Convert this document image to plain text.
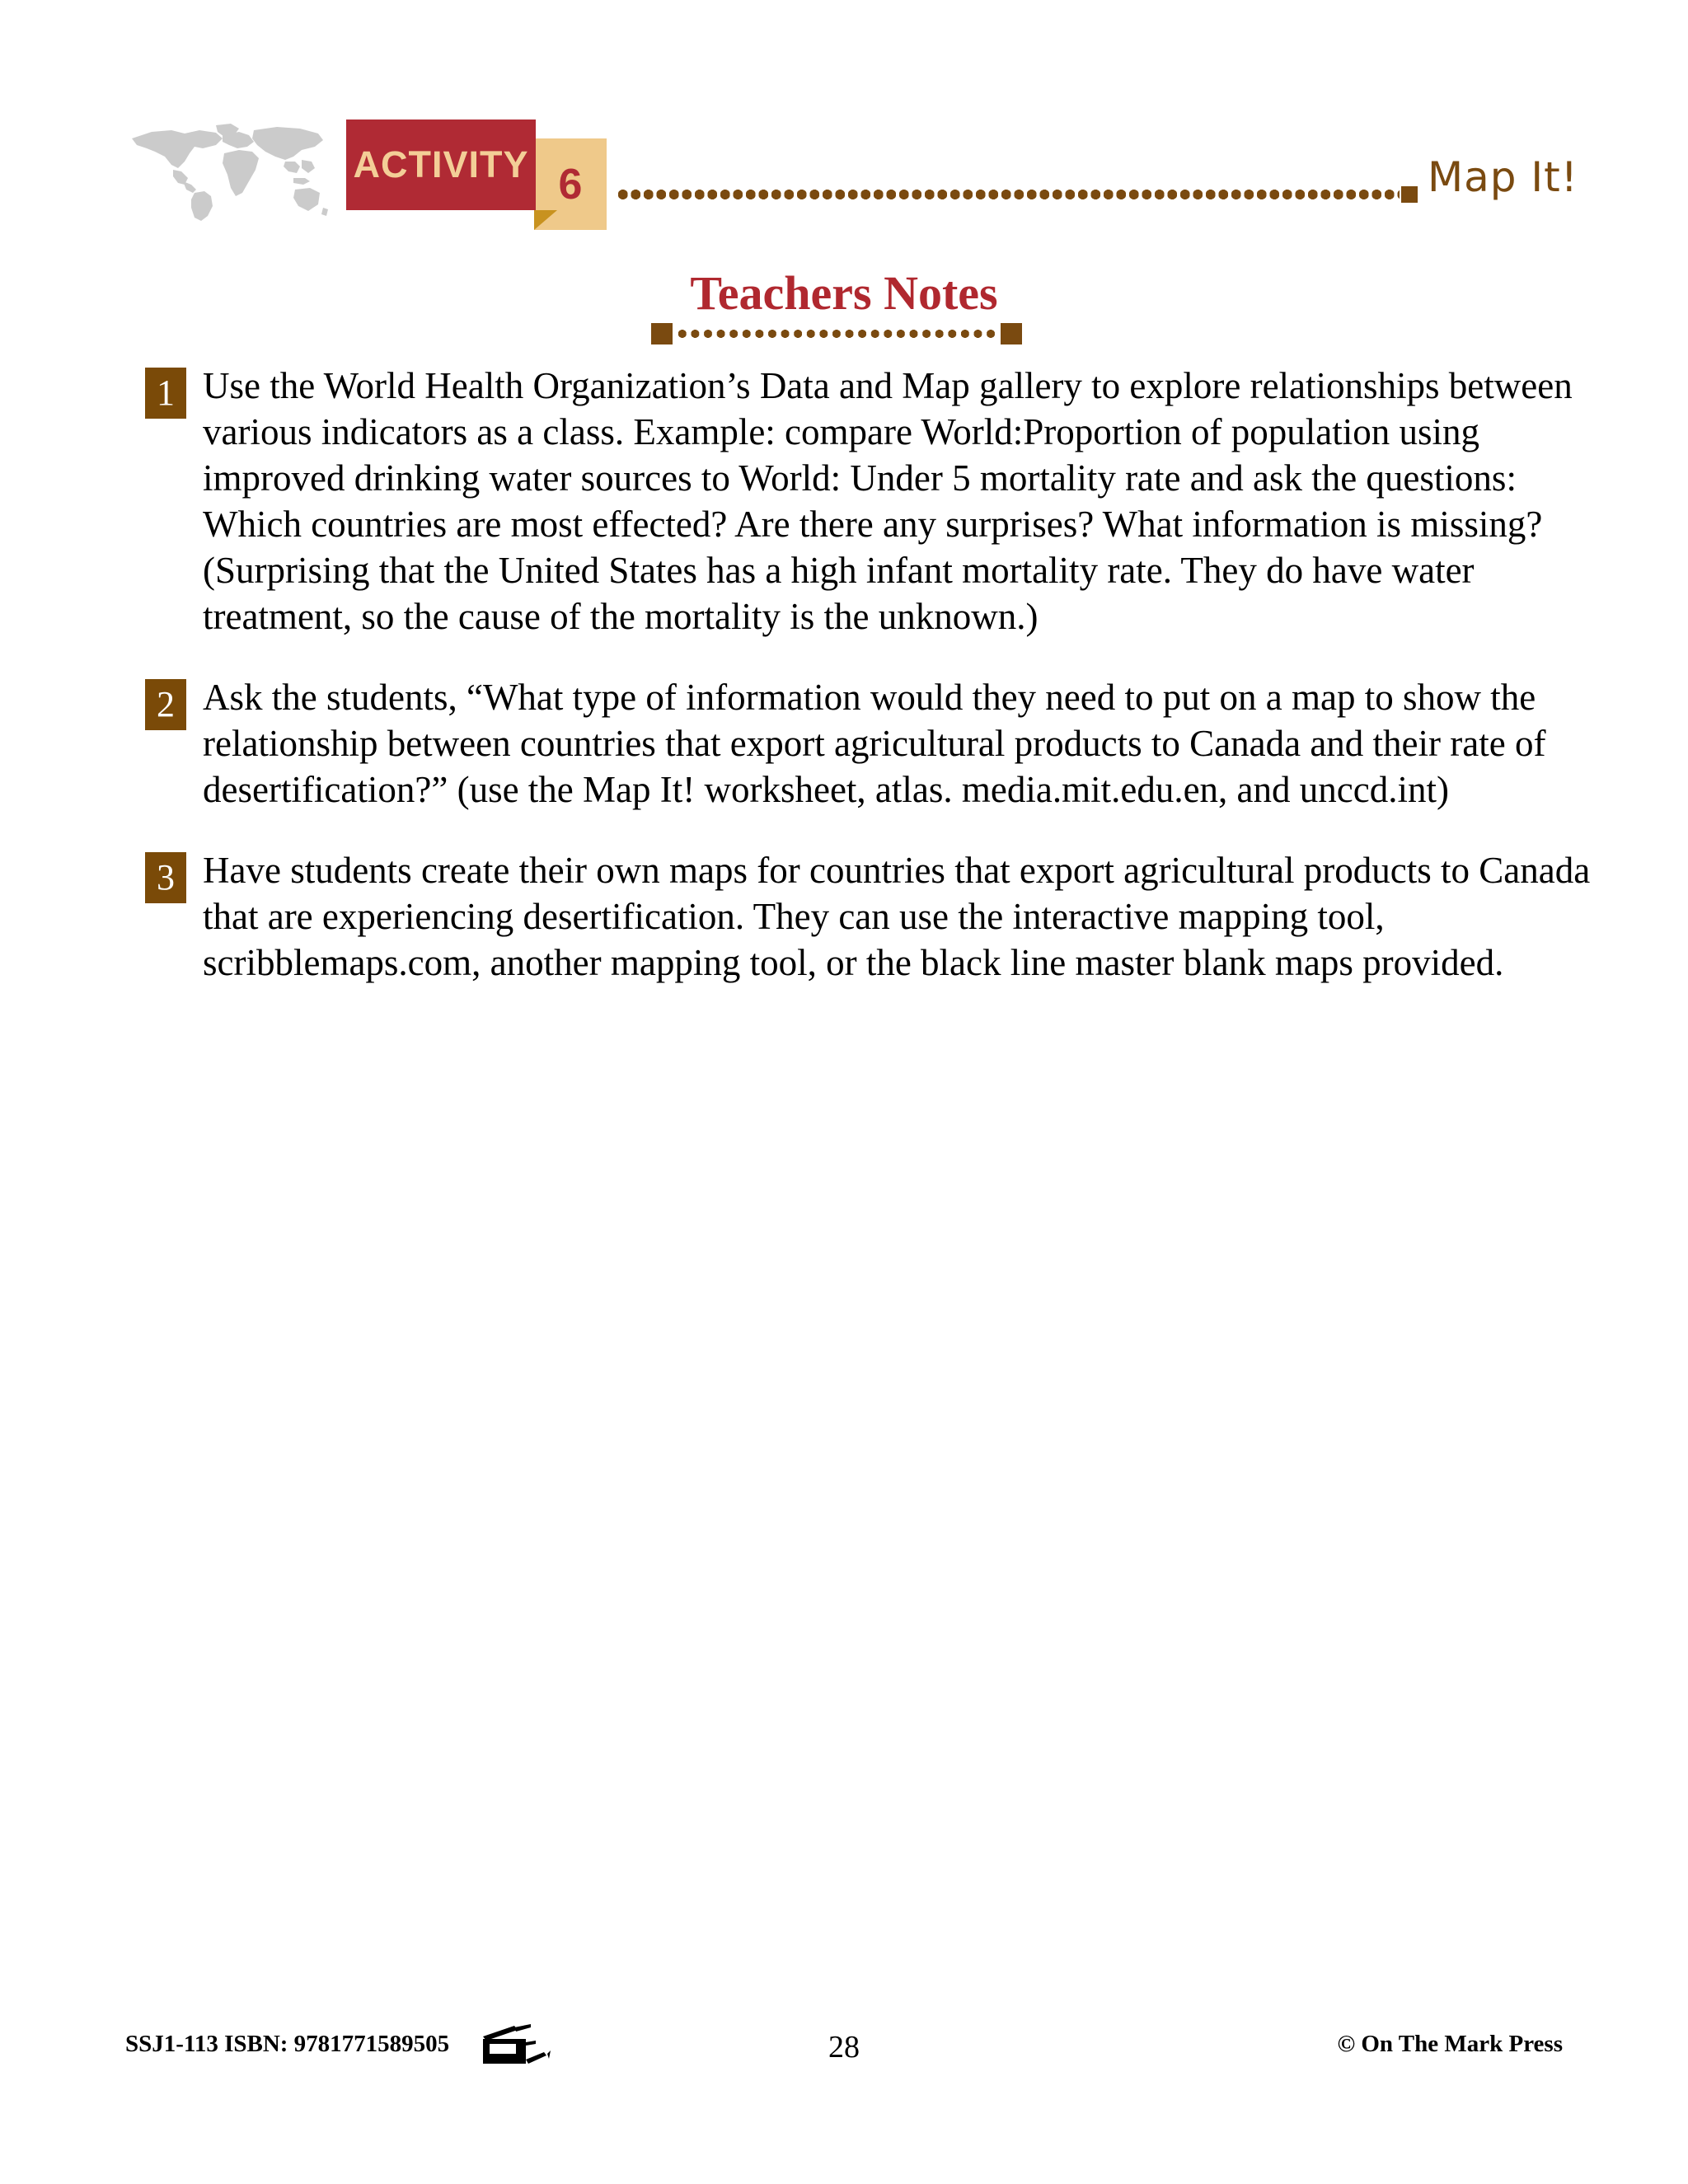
ACTIVITY 6	Map It!
Teachers Notes
1 Use the World Health Organization’s Data and Map gallery to explore relationships between various indicators as a class. Example: compare World:Proportion of population using improved drinking water sources to World: Under 5 mortality rate and ask the questions: Which countries are most effected? Are there any surprises? What information is missing? (Surprising that the United States has a high infant mortality rate. They do have water treatment, so the cause of the mortality is the unknown.)
2 Ask the students, “What type of information would they need to put on a map to show the relationship between countries that export agricultural products to Canada and their rate of desertification?” (use the Map It! worksheet, atlas. media.mit.edu.en, and unccd.int)
3 Have students create their own maps for countries that export agricultural products to Canada that are experiencing desertification. They can use the interactive mapping tool, scribblemaps.com, another mapping tool, or the black line master blank maps provided.
SSJ1-113 ISBN: 9781771589505	28	© On The Mark Press
